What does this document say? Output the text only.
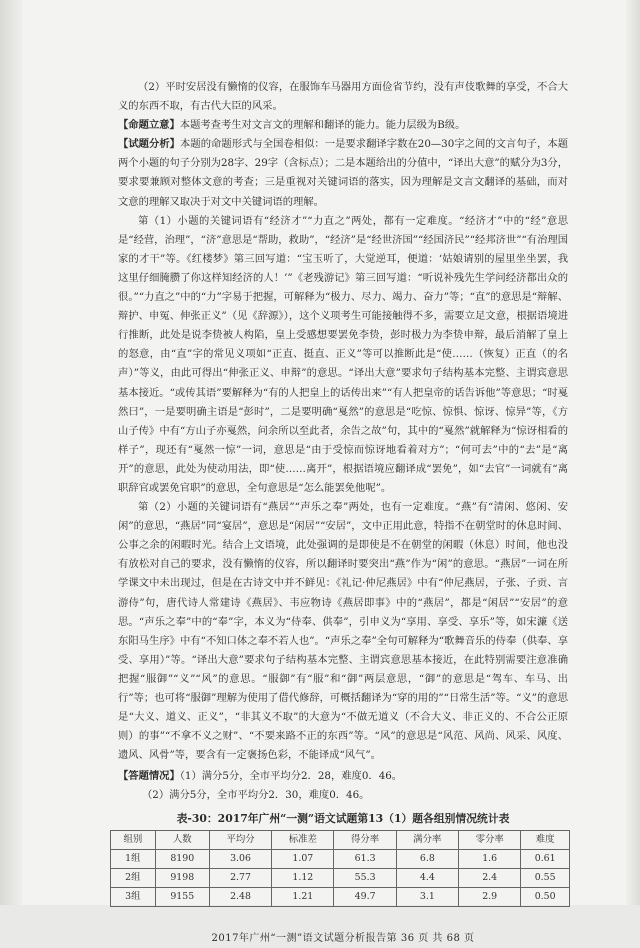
（2）平时安居没有懒惰的仪容，在服饰车马器用方面俭省节约，没有声伎歌舞的享受，不合大义的东西不取，有古代大臣的风采。

【命题立意】本题考查考生对文言文的理解和翻译的能力。能力层级为B级。

【试题分析】本题的命题形式与全国卷相似：一是要求翻译字数在20—30字之间的文言句子，本题两个小题的句子分别为28字、29字（含标点）；二是本题给出的分值中，“译出大意”的赋分为3分，要求要兼顾对整体文意的考查；三是重视对关键词语的落实，因为理解是文言文翻译的基础，而对文意的理解又取决于对文中关键词语的理解。

第（1）小题的关键词语有“经济才”“力直之”两处，都有一定难度。“经济才”中的“经”意思是“经营，治理”，“济”意思是“帮助，救助”，“经济”是“经世济国”“经国济民”“经邦济世”“有治理国家的才干”等。《红楼梦》第三回写道：“宝玉听了，大觉逆耳，便道：‘姑娘请别的屋里坐坐罢，我这里仔细腌臜了你这样知经济的人！’”《老残游记》第三回写道：“听说补残先生学问经济都出众的很。”“力直之”中的“力”字易于把握，可解释为“极力、尽力、竭力、奋力”等；“直”的意思是“辩解、辩护、申冤、伸张正义”（见《辞源》），这个义项考生可能接触得不多，需要立足文意，根据语境进行推断，此处是说李贽被人构陷，皇上受感想要罢免李贽，彭时极力为李贽申辩，最后消解了皇上的怒意，由“直”字的常见义项如“正直、挺直、正义”等可以推断此是“使……（恢复）正直（的名声）”等义，由此可得出“伸张正义、申辩”的意思。“译出大意”要求句子结构基本完整、主谓宾意思基本接近。“或传其语”要解释为“有的人把皇上的话传出来”“有人把皇帝的话告诉他”等意思；“时戛然曰”，一是要明确主语是“彭时”，二是要明确“戛然”的意思是“吃惊、惊惧、惊讶、惊异”等，《方山子传》中有“方山子亦戛然，问余所以至此者，余告之故”句，其中的“戛然”就解释为“惊讶相看的样子”，现还有“戛然一惊”一词，意思是“由于受惊而惊讶地看着对方”；“何可去”中的“去”是“离开”的意思，此处为使动用法，即“使……离开”，根据语境应翻译成“罢免”，如“去官”一词就有“离职辞官或罢免官职”的意思，全句意思是“怎么能罢免他呢”。

第（2）小题的关键词语有“燕居”“声乐之奉”两处，也有一定难度。“燕”有“清闲、悠闲、安闲”的意思，“燕居”同“宴居”，意思是“闲居”“安居”，文中正用此意，特指不在朝堂时的休息时间、公事之余的闲暇时光。结合上文语境，此处强调的是即使是不在朝堂的闲暇（休息）时间，他也没有放松对自己的要求，没有懒惰的仪容，所以翻译时要突出“燕”作为“闲”的意思。“燕居”一词在所学课文中未出现过，但是在古诗文中并不鲜见：《礼记·仲尼燕居》中有“仲尼燕居，子张、子贡、言游侍”句，唐代诗人常建诗《燕居》、韦应物诗《燕居即事》中的“燕居”，都是“闲居”“安居”的意思。“声乐之奉”中的“奉”字，本义为“侍奉、供奉”，引申义为“享用、享受、享乐”等，如宋濂《送东阳马生序》中有“不知口体之奉不若人也”。“声乐之奉”全句可解释为“歌舞音乐的侍奉（供奉、享受、享用）”等。“译出大意”要求句子结构基本完整、主谓宾意思基本接近，在此特别需要注意准确把握“服御”“义”“风”的意思。“服御”有“服”和“御”两层意思，“御”的意思是“驾车、车马、出行”等；也可将“服御”理解为使用了借代修辞，可概括翻译为“穿的用的”“日常生活”等。“义”的意思是“大义、道义、正义”，“非其义不取”的大意为“不做无道义（不合大义、非正义的、不合公正原则）的事”“不拿不义之财”、“不要来路不正的东西”等。“风”的意思是“风范、风尚、风采、风度、遗风、风骨”等，要含有一定褒扬色彩，不能译成“风气”。

【答题情况】（1）满分5分，全市平均分2．28，难度0．46。

（2）满分5分，全市平均分2．30，难度0．46。

表-30：2017年广州“一测”语文试题第13（1）题各组别情况统计表
组别	人数	平均分	标准差	得分率	满分率	零分率	难度
1组	8190	3.06	1.07	61.3	6.8	1.6	0.61
2组	9198	2.77	1.12	55.3	4.4	2.4	0.55
3组	9155	2.48	1.21	49.7	3.1	2.9	0.50
2017年广州“一测”语文试题分析报告第 36 页 共 68 页
